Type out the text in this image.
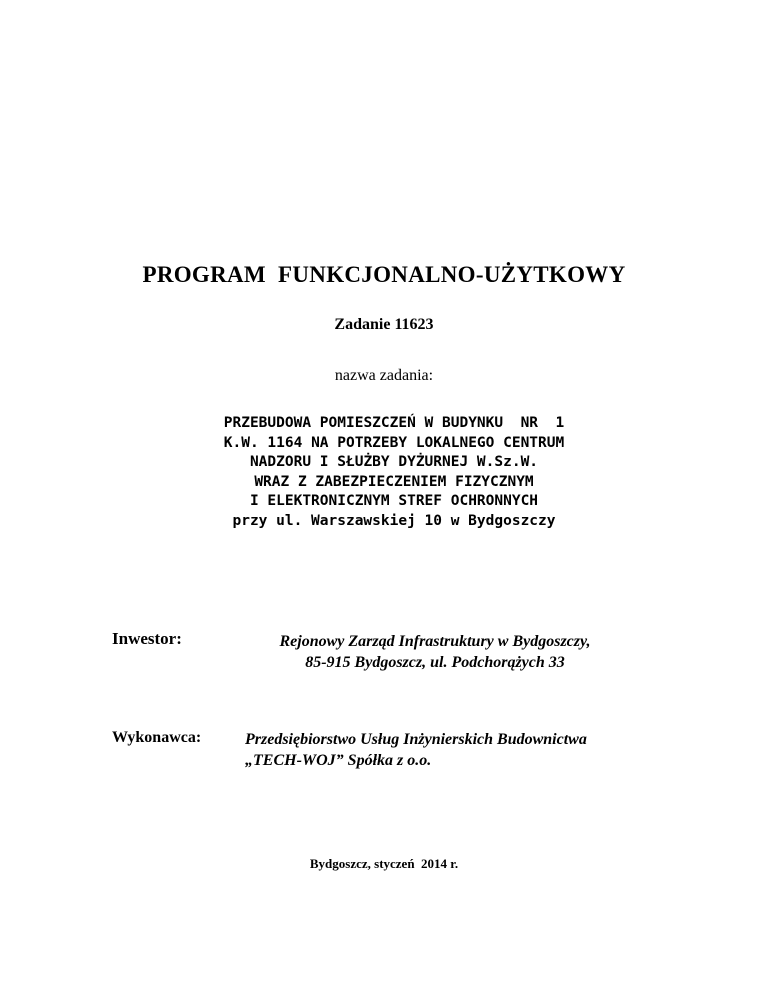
PROGRAM  FUNKCJONALNO-UŻYTKOWY
Zadanie 11623
nazwa zadania:
PRZEBUDOWA POMIESZCZEŃ W BUDYNKU  NR  1
K.W. 1164 NA POTRZEBY LOKALNEGO CENTRUM
NADZORU I SŁUŻBY DYŻURNEJ W.Sz.W.
WRAZ Z ZABEZPIECZENIEM FIZYCZNYM
I ELEKTRONICZNYM STREF OCHRONNYCH
przy ul. Warszawskiej 10 w Bydgoszczy
Inwestor:	Rejonowy Zarząd Infrastruktury w Bydgoszczy,
85-915 Bydgoszcz, ul. Podchorążych 33
Wykonawca:	Przedsiębiorstwo Usług Inżynierskich Budownictwa
„TECH-WOJ” Spółka z o.o.
Bydgoszcz, styczeń  2014 r.
